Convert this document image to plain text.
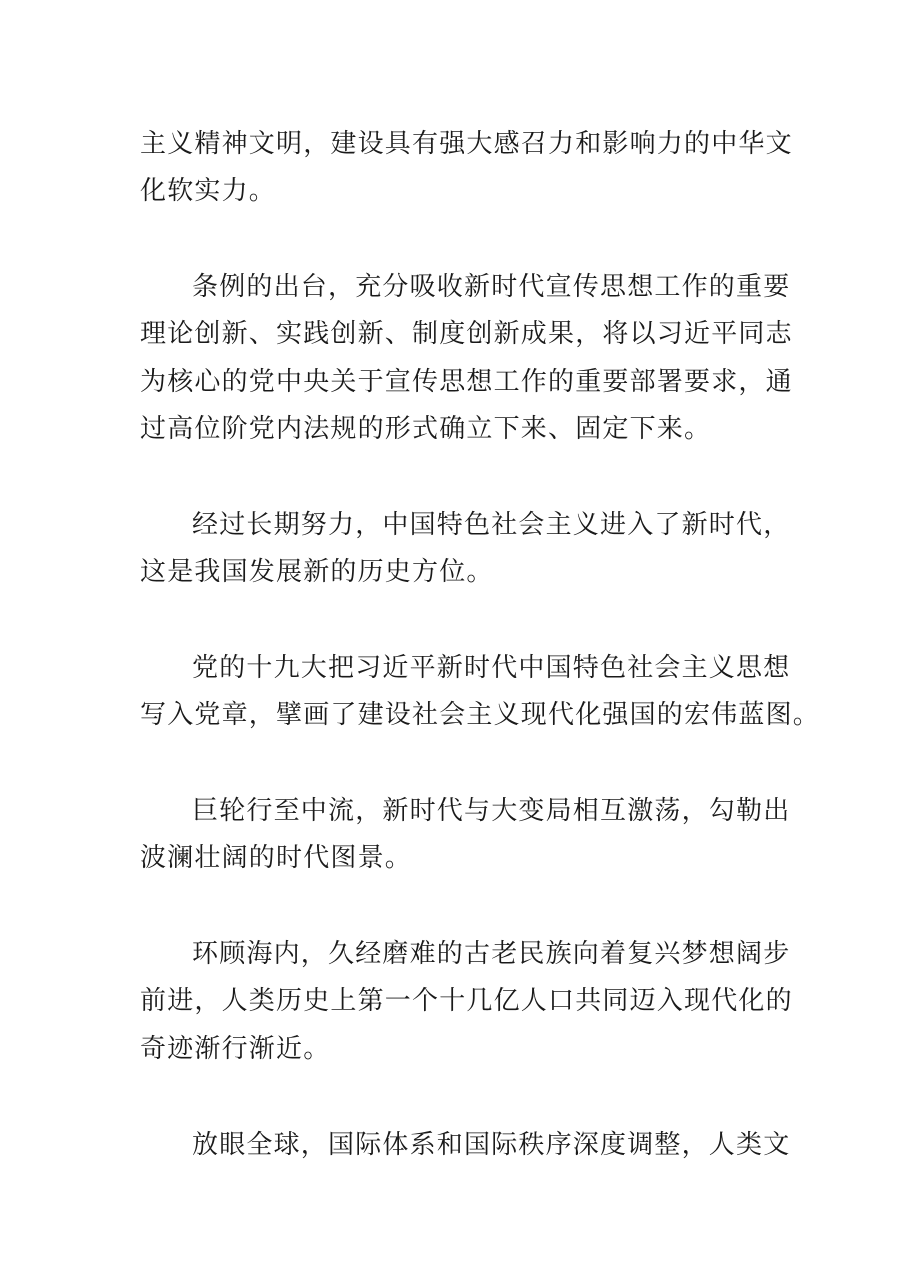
主义精神文明，建设具有强大感召力和影响力的中华文
化软实力。
条例的出台，充分吸收新时代宣传思想工作的重要
理论创新、实践创新、制度创新成果，将以习近平同志
为核心的党中央关于宣传思想工作的重要部署要求，通
过高位阶党内法规的形式确立下来、固定下来。
经过长期努力，中国特色社会主义进入了新时代，
这是我国发展新的历史方位。
党的十九大把习近平新时代中国特色社会主义思想
写入党章，擘画了建设社会主义现代化强国的宏伟蓝图。
巨轮行至中流，新时代与大变局相互激荡，勾勒出
波澜壮阔的时代图景。
环顾海内，久经磨难的古老民族向着复兴梦想阔步
前进，人类历史上第一个十几亿人口共同迈入现代化的
奇迹渐行渐近。
放眼全球，国际体系和国际秩序深度调整，人类文
